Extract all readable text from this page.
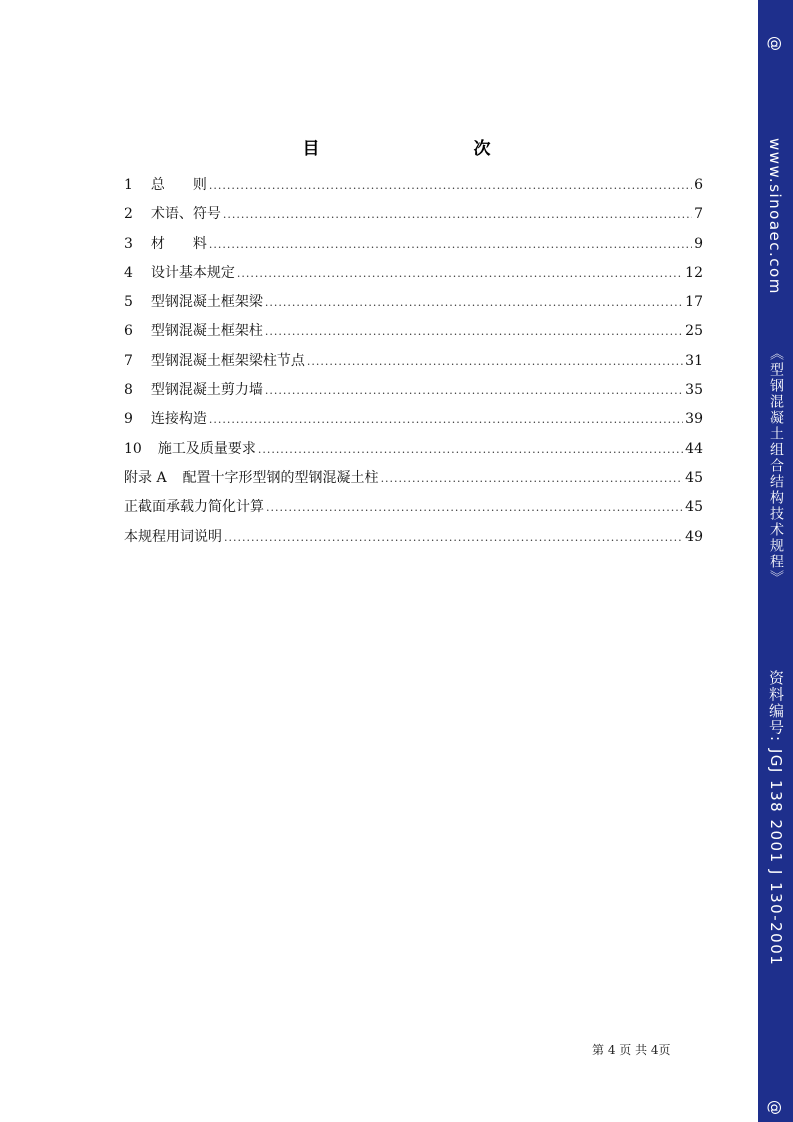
目　　次
1 总　　则 .....	6
2 术语、符号 .....	7
3 材　　料 .....	9
4 设计基本规定 .....	12
5 型钢混凝土框架梁 .....	17
6 型钢混凝土框架柱 .....	25
7 型钢混凝土框架梁柱节点 .....	31
8 型钢混凝土剪力墙 .....	35
9 连接构造 .....	39
10 施工及质量要求 .....	44
附录 A 配置十字形型钢的型钢混凝土柱 .....	45
正截面承载力简化计算 .....	45
本规程用词说明 .....	49
第 4 页 共 4页
@
www.sinoaec.com
《型钢混凝土组合结构技术规程》
资料编号: JGJ 138 2001 J 130-2001
@
